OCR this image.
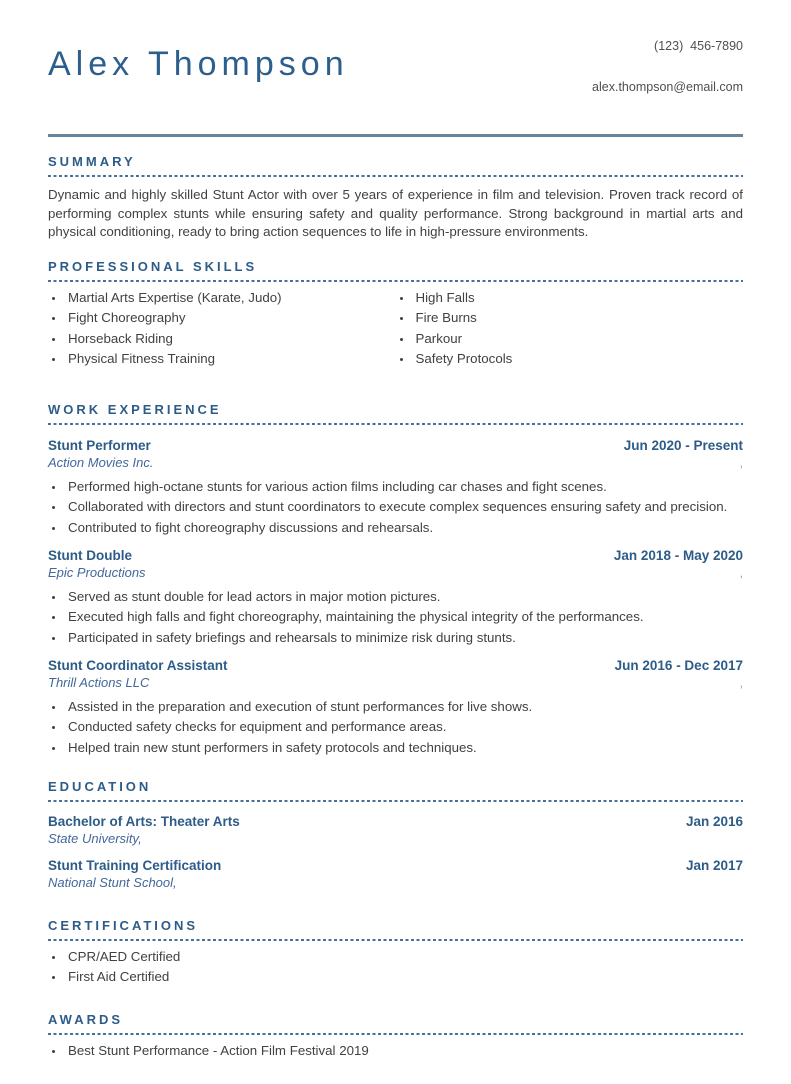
Alex Thompson	(123)  456-7890
alex.thompson@email.com
SUMMARY

Dynamic and highly skilled Stunt Actor with over 5 years of experience in film and television. Proven track record of performing complex stunts while ensuring safety and quality performance. Strong background in martial arts and physical conditioning, ready to bring action sequences to life in high-pressure environments.

PROFESSIONAL SKILLS
• Martial Arts Expertise (Karate, Judo)
• Fight Choreography
• Horseback Riding
• Physical Fitness Training
• High Falls
• Fire Burns
• Parkour
• Safety Protocols
WORK EXPERIENCE
Stunt Performer	Jun 2020 - Present
Action Movies Inc.	,
• Performed high-octane stunts for various action films including car chases and fight scenes.
• Collaborated with directors and stunt coordinators to execute complex sequences ensuring safety and precision.
• Contributed to fight choreography discussions and rehearsals.
Stunt Double	Jan 2018 - May 2020
Epic Productions	,
• Served as stunt double for lead actors in major motion pictures.
• Executed high falls and fight choreography, maintaining the physical integrity of the performances.
• Participated in safety briefings and rehearsals to minimize risk during stunts.
Stunt Coordinator Assistant	Jun 2016 - Dec 2017
Thrill Actions LLC	,
• Assisted in the preparation and execution of stunt performances for live shows.
• Conducted safety checks for equipment and performance areas.
• Helped train new stunt performers in safety protocols and techniques.
EDUCATION
Bachelor of Arts: Theater Arts	Jan 2016
State University,
Stunt Training Certification	Jan 2017
National Stunt School,
CERTIFICATIONS
• CPR/AED Certified
• First Aid Certified
AWARDS
• Best Stunt Performance - Action Film Festival 2019
